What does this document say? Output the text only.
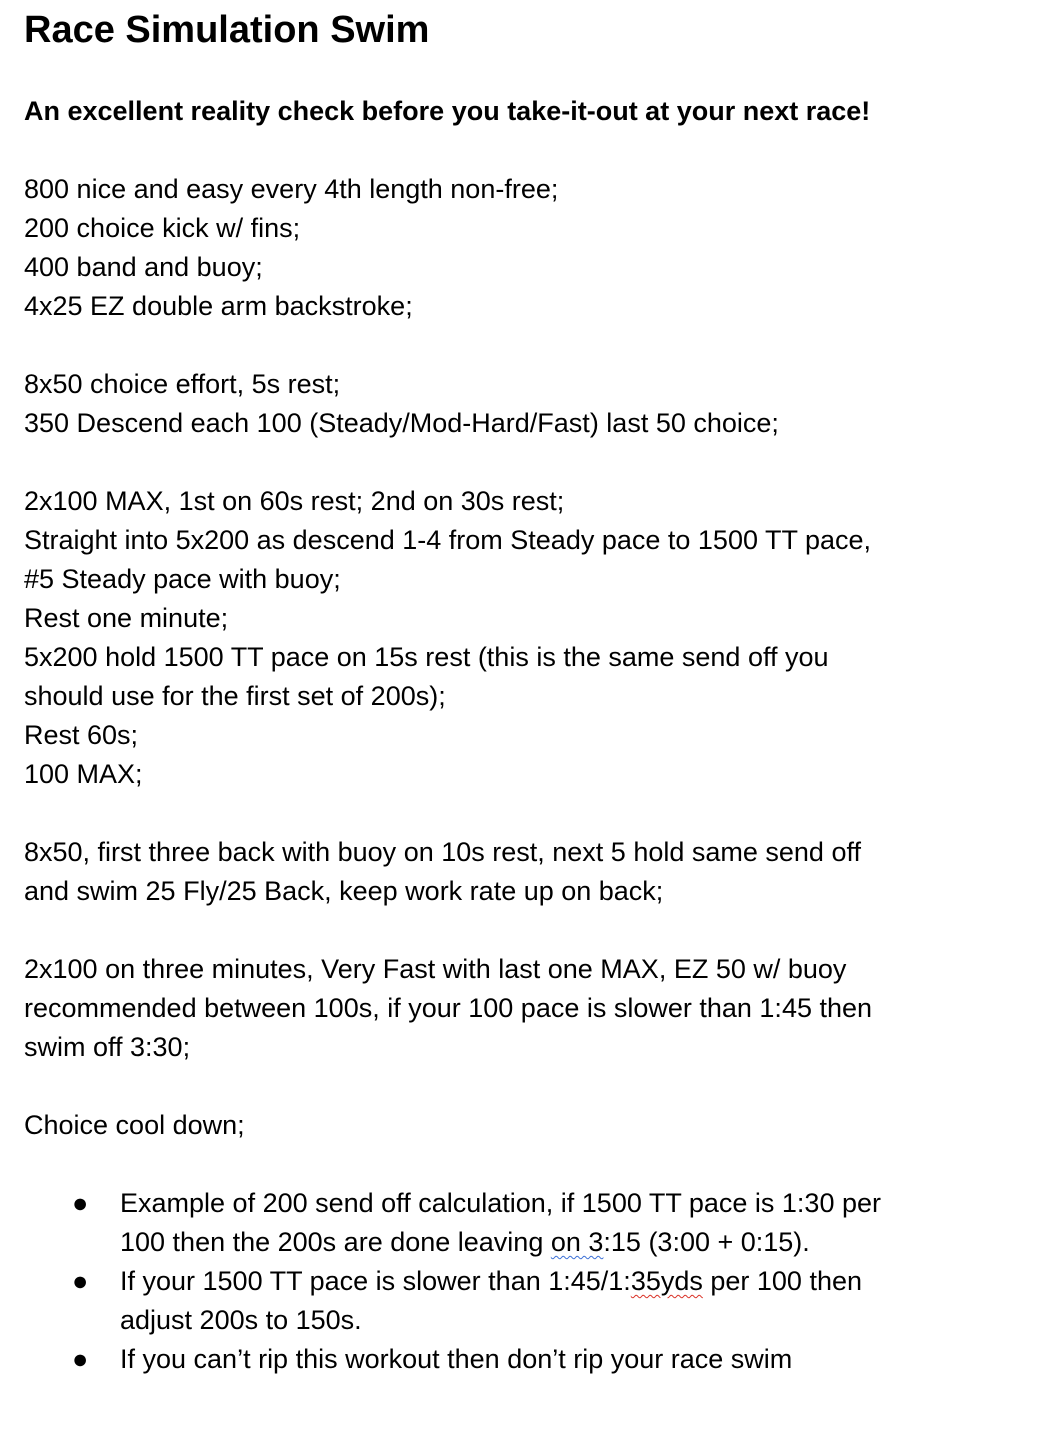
Race Simulation Swim

An excellent reality check before you take-it-out at your next race!

800 nice and easy every 4th length non-free;
200 choice kick w/ fins;
400 band and buoy;
4x25 EZ double arm backstroke;
8x50 choice effort, 5s rest;
350 Descend each 100 (Steady/Mod-Hard/Fast) last 50 choice;
2x100 MAX, 1st on 60s rest; 2nd on 30s rest;
Straight into 5x200 as descend 1-4 from Steady pace to 1500 TT pace,
#5 Steady pace with buoy;
Rest one minute;
5x200 hold 1500 TT pace on 15s rest (this is the same send off you
should use for the first set of 200s);
Rest 60s;
100 MAX;
8x50, first three back with buoy on 10s rest, next 5 hold same send off
and swim 25 Fly/25 Back, keep work rate up on back;
2x100 on three minutes, Very Fast with last one MAX, EZ 50 w/ buoy
recommended between 100s, if your 100 pace is slower than 1:45 then
swim off 3:30;
Choice cool down;
● Example of 200 send off calculation, if 1500 TT pace is 1:30 per
100 then the 200s are done leaving on 3:15 (3:00 + 0:15).
● If your 1500 TT pace is slower than 1:45/1:35yds per 100 then
adjust 200s to 150s.
● If you can’t rip this workout then don’t rip your race swim
